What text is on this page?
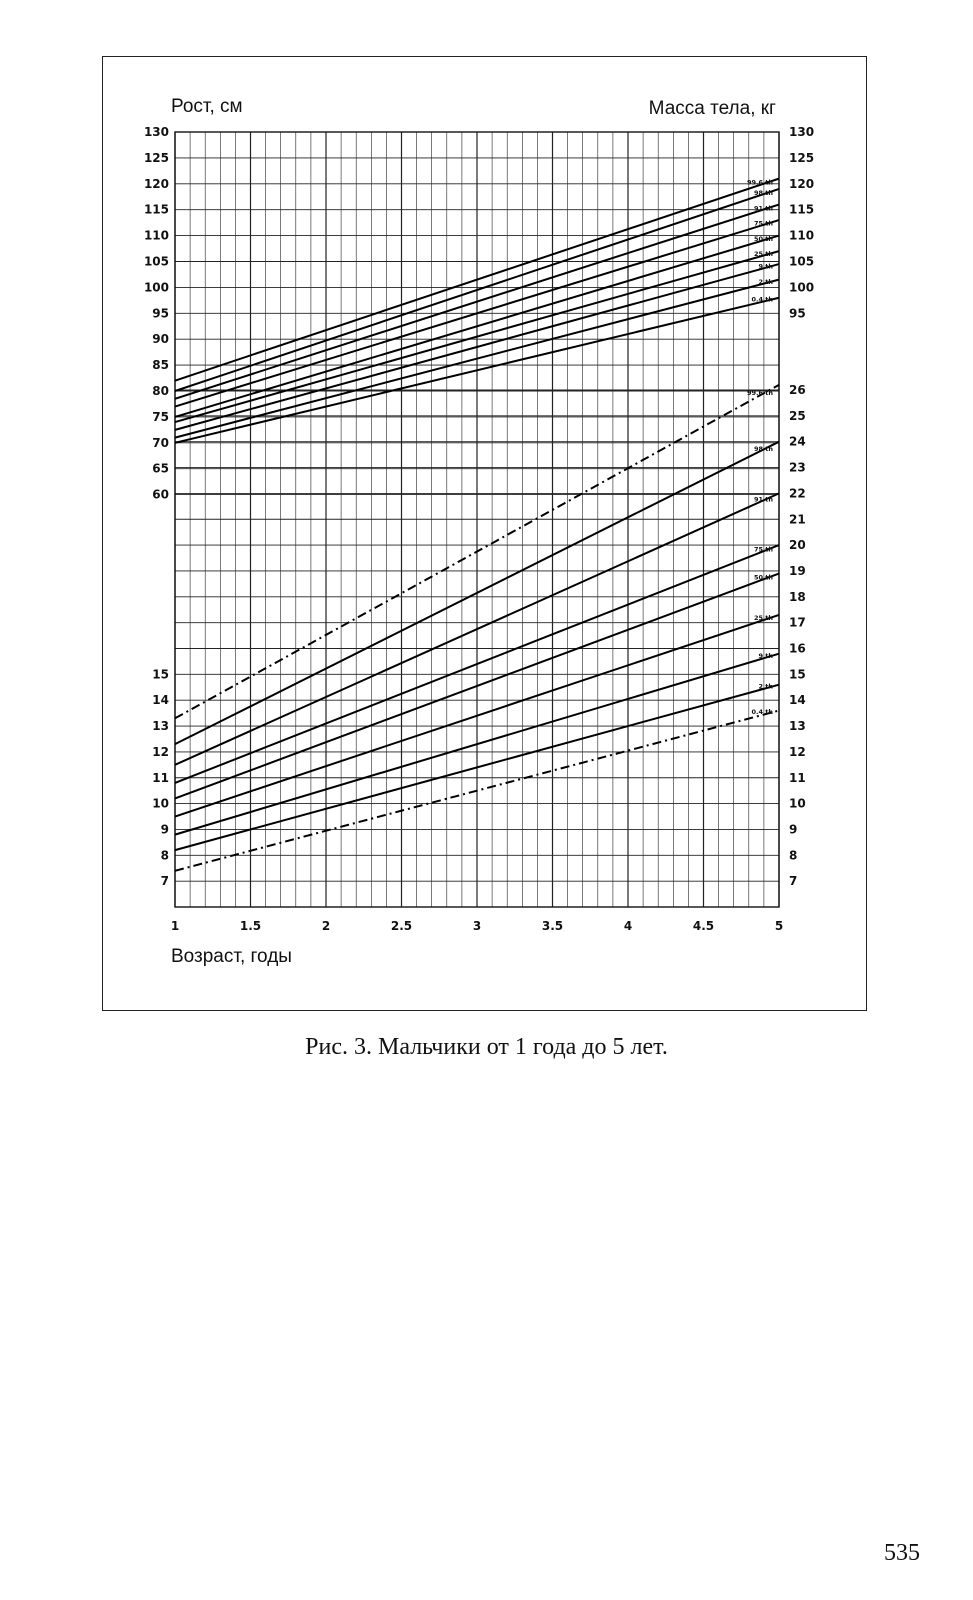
1	1.5	2	2.5	3	3.5	4	4.5	5
130
125
120
115
110
105
100
95
90
85
80
75
70
65
60
130
125
120
115
110
105
100
95
15
14
13
12
11
10
9
8
7
26
25
24
23
22
21
20
19
18
17
16
15
14
13
12
11
10
9
8
7
99.6 th
98 th
91 th
75 th
50 th
25 th
9 th
2 th
0.4 th
99.6 th
98 th
91 th
75 th
50 th
25 th
9 th
2 th
0.4 th
Рост, см	Масса тела, кг
Возраст, годы
Рис. 3. Мальчики от 1 года до 5 лет.
535
